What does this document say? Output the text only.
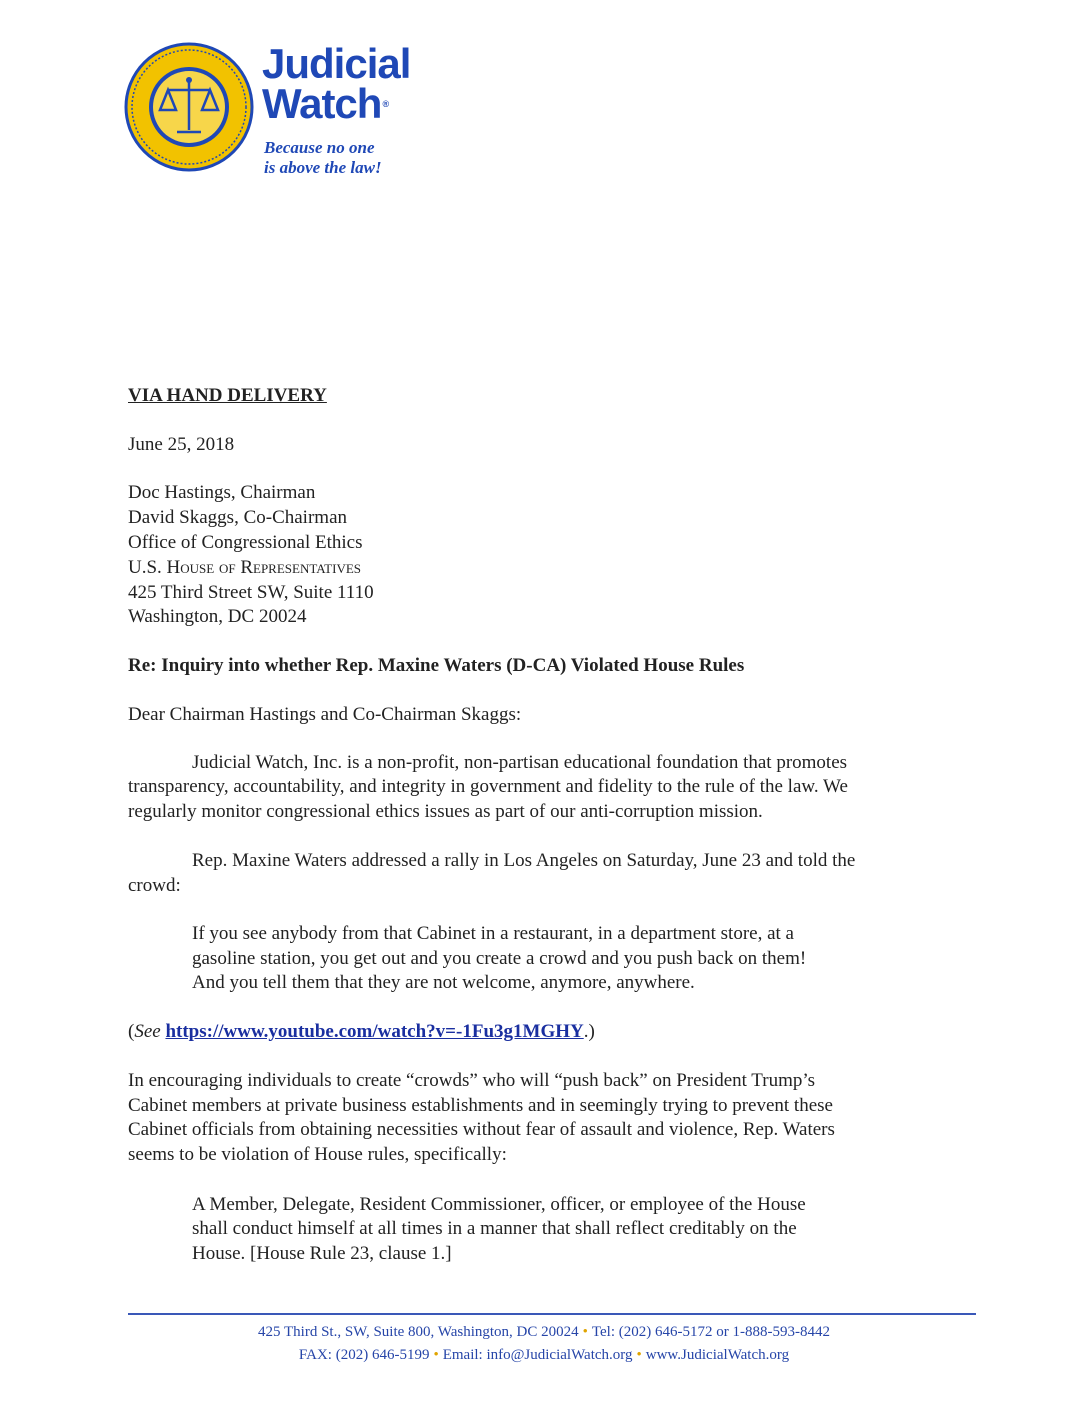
Judicial
Watch®
Because no one
is above the law!
VIA HAND DELIVERY
June 25, 2018
Doc Hastings, Chairman
David Skaggs, Co-Chairman
Office of Congressional Ethics
U.S. House of Representatives
425 Third Street SW, Suite 1110
Washington, DC 20024
Re: Inquiry into whether Rep. Maxine Waters (D-CA) Violated House Rules
Dear Chairman Hastings and Co-Chairman Skaggs:
Judicial Watch, Inc. is a non-profit, non-partisan educational foundation that promotes
transparency, accountability, and integrity in government and fidelity to the rule of the law. We
regularly monitor congressional ethics issues as part of our anti-corruption mission.
Rep. Maxine Waters addressed a rally in Los Angeles on Saturday, June 23 and told the
crowd:
If you see anybody from that Cabinet in a restaurant, in a department store, at a
gasoline station, you get out and you create a crowd and you push back on them!
And you tell them that they are not welcome, anymore, anywhere.
(See https://www.youtube.com/watch?v=-1Fu3g1MGHY.)
In encouraging individuals to create “crowds” who will “push back” on President Trump’s
Cabinet members at private business establishments and in seemingly trying to prevent these
Cabinet officials from obtaining necessities without fear of assault and violence, Rep. Waters
seems to be violation of House rules, specifically:
A Member, Delegate, Resident Commissioner, officer, or employee of the House
shall conduct himself at all times in a manner that shall reflect creditably on the
House. [House Rule 23, clause 1.]
425 Third St., SW, Suite 800, Washington, DC 20024 • Tel: (202) 646-5172 or 1-888-593-8442
FAX: (202) 646-5199 • Email: info@JudicialWatch.org • www.JudicialWatch.org
